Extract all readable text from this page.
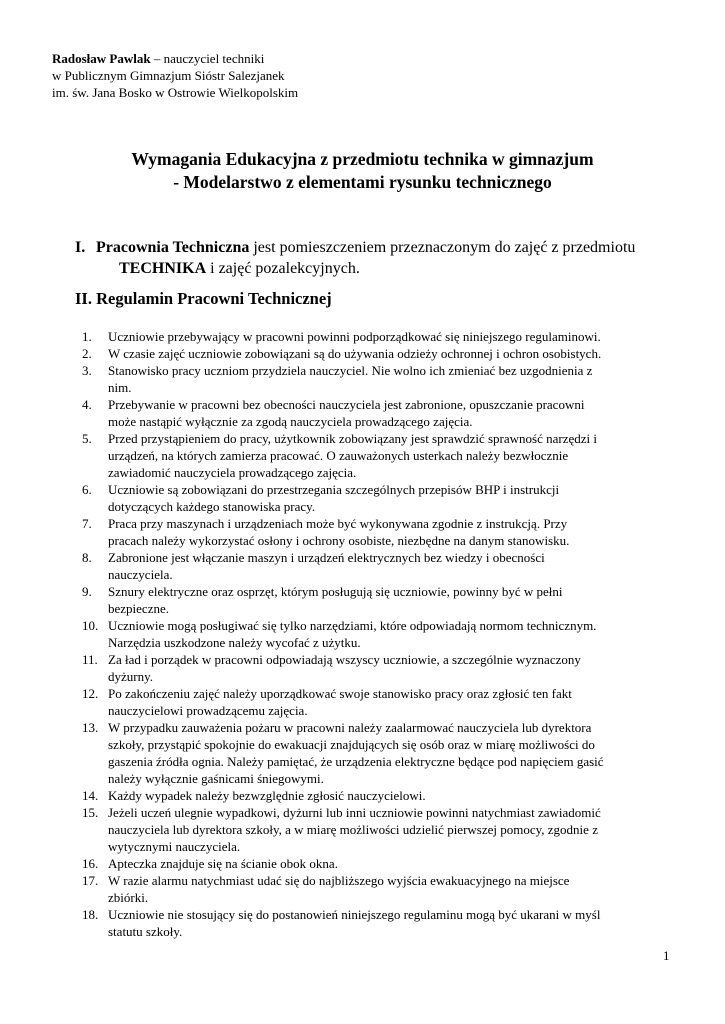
Radosław Pawlak – nauczyciel techniki
w Publicznym Gimnazjum Sióstr Salezjanek
im. św. Jana Bosko w Ostrowie Wielkopolskim
Wymagania Edukacyjna z przedmiotu technika w gimnazjum
- Modelarstwo z elementami rysunku technicznego
I. Pracownia Techniczna jest pomieszczeniem przeznaczonym do zajęć z przedmiotu
TECHNIKA i zajęć pozalekcyjnych.
II. Regulamin Pracowni Technicznej
1.	Uczniowie przebywający w pracowni powinni podporządkować się niniejszego regulaminowi.
2.	W czasie zajęć uczniowie zobowiązani są do używania odzieży ochronnej i ochron osobistych.
3.	Stanowisko pracy uczniom przydziela nauczyciel. Nie wolno ich zmieniać bez uzgodnienia z
nim.
4.	Przebywanie w pracowni bez obecności nauczyciela jest zabronione, opuszczanie pracowni
może nastąpić wyłącznie za zgodą nauczyciela prowadzącego zajęcia.
5.	Przed przystąpieniem do pracy, użytkownik zobowiązany jest sprawdzić sprawność narzędzi i
urządzeń, na których zamierza pracować. O zauważonych usterkach należy bezwłocznie
zawiadomić nauczyciela prowadzącego zajęcia.
6.	Uczniowie są zobowiązani do przestrzegania szczególnych przepisów BHP i instrukcji
dotyczących każdego stanowiska pracy.
7.	Praca przy maszynach i urządzeniach może być wykonywana zgodnie z instrukcją. Przy
pracach należy wykorzystać osłony i ochrony osobiste, niezbędne na danym stanowisku.
8.	Zabronione jest włączanie maszyn i urządzeń elektrycznych bez wiedzy i obecności
nauczyciela.
9.	Sznury elektryczne oraz osprzęt, którym posługują się uczniowie, powinny być w pełni
bezpieczne.
10. Uczniowie mogą posługiwać się tylko narzędziami, które odpowiadają normom technicznym.
Narzędzia uszkodzone należy wycofać z użytku.
11. Za ład i porządek w pracowni odpowiadają wszyscy uczniowie, a szczególnie wyznaczony
dyżurny.
12. Po zakończeniu zajęć należy uporządkować swoje stanowisko pracy oraz zgłosić ten fakt
nauczycielowi prowadzącemu zajęcia.
13. W przypadku zauważenia pożaru w pracowni należy zaalarmować nauczyciela lub dyrektora
szkoły, przystąpić spokojnie do ewakuacji znajdujących się osób oraz w miarę możliwości do
gaszenia źródła ognia. Należy pamiętać, że urządzenia elektryczne będące pod napięciem gasić
należy wyłącznie gaśnicami śniegowymi.
14. Każdy wypadek należy bezwzględnie zgłosić nauczycielowi.
15. Jeżeli uczeń ulegnie wypadkowi, dyżurni lub inni uczniowie powinni natychmiast zawiadomić
nauczyciela lub dyrektora szkoły, a w miarę możliwości udzielić pierwszej pomocy, zgodnie z
wytycznymi nauczyciela.
16. Apteczka znajduje się na ścianie obok okna.
17. W razie alarmu natychmiast udać się do najbliższego wyjścia ewakuacyjnego na miejsce
zbiórki.
18. Uczniowie nie stosujący się do postanowień niniejszego regulaminu mogą być ukarani w myśl
statutu szkoły.
1
